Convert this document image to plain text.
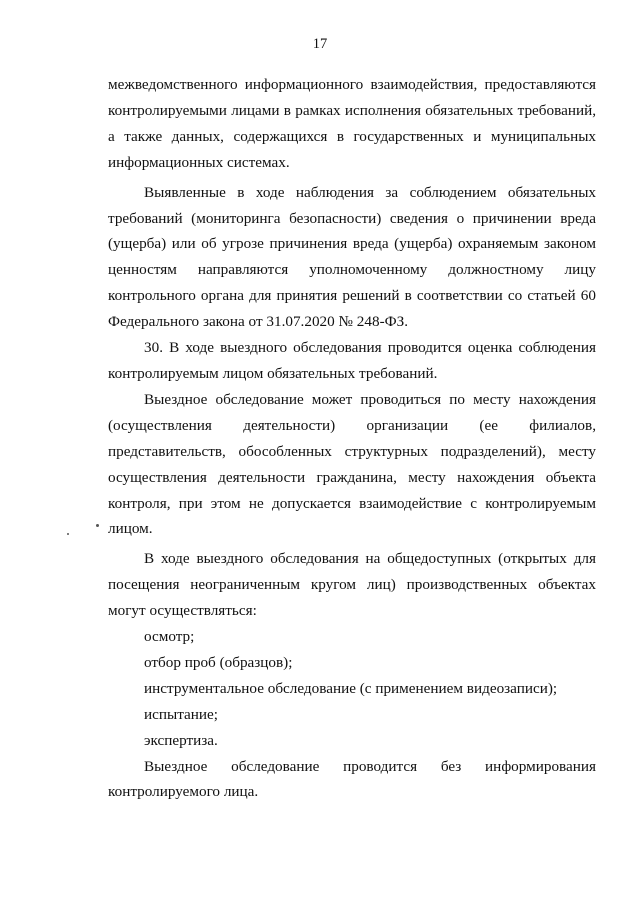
17

межведомственного информационного взаимодействия, предоставляются контролируемыми лицами в рамках исполнения обязательных требований, а также данных, содержащихся в государственных и муниципальных информационных системах.

Выявленные в ходе наблюдения за соблюдением обязательных требований (мониторинга безопасности) сведения о причинении вреда (ущерба) или об угрозе причинения вреда (ущерба) охраняемым законом ценностям направляются уполномоченному должностному лицу контрольного органа для принятия решений в соответствии со статьей 60 Федерального закона от 31.07.2020 № 248-ФЗ.

30. В ходе выездного обследования проводится оценка соблюдения контролируемым лицом обязательных требований.

Выездное обследование может проводиться по месту нахождения (осуществления деятельности) организации (ее филиалов, представительств, обособленных структурных подразделений), месту осуществления деятельности гражданина, месту нахождения объекта контроля, при этом не допускается взаимодействие с контролируемым лицом.

В ходе выездного обследования на общедоступных (открытых для посещения неограниченным кругом лиц) производственных объектах могут осуществляться:

осмотр;

отбор проб (образцов);

инструментальное обследование (с применением видеозаписи);

испытание;

экспертиза.

Выездное обследование проводится без информирования контролируемого лица.
